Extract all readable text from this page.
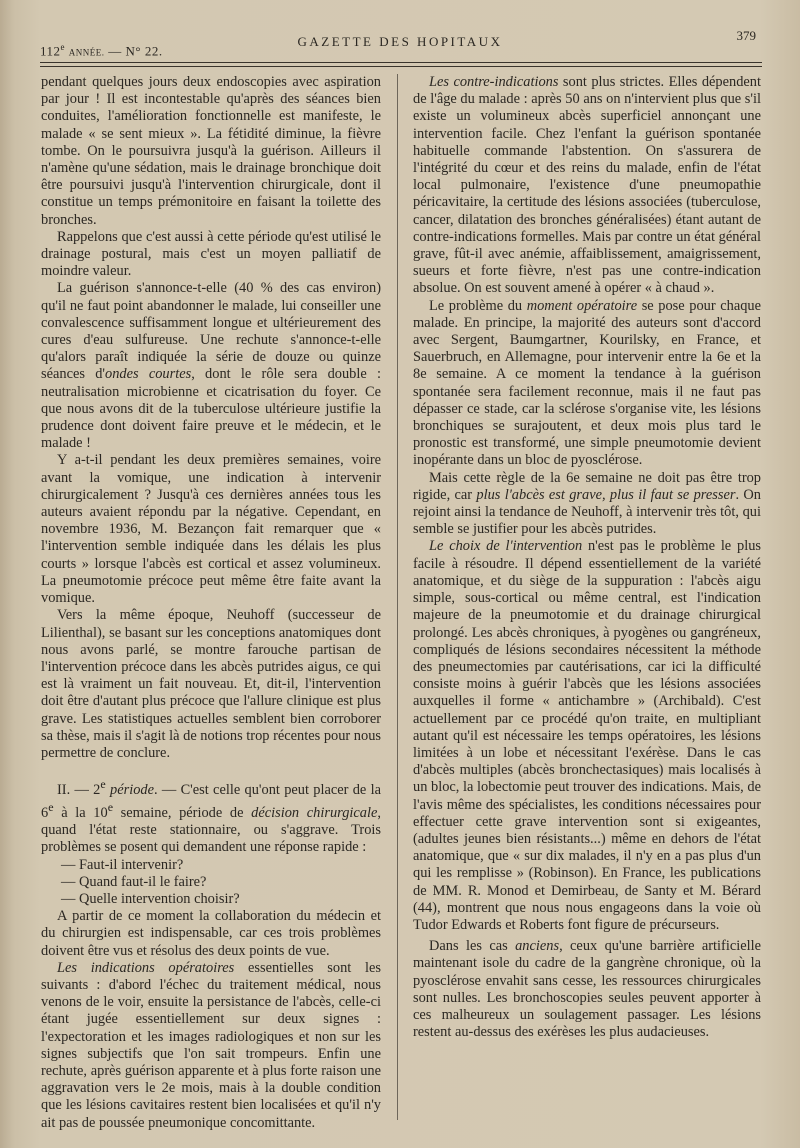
112e ANNÉE. — N° 22.
GAZETTE DES HOPITAUX	379

pendant quelques jours deux endoscopies avec aspiration par jour ! Il est incontestable qu'après des séances bien conduites, l'amélioration fonctionnelle est manifeste, le malade « se sent mieux ». La fétidité diminue, la fièvre tombe. On le poursuivra jusqu'à la guérison. Ailleurs il n'amène qu'une sédation, mais le drainage bronchique doit être poursuivi jusqu'à l'intervention chirurgicale, dont il constitue un temps prémonitoire en faisant la toilette des bronches.

Rappelons que c'est aussi à cette période qu'est utilisé le drainage postural, mais c'est un moyen palliatif de moindre valeur.

La guérison s'annonce-t-elle (40 % des cas environ) qu'il ne faut point abandonner le malade, lui conseiller une convalescence suffisamment longue et ultérieurement des cures d'eau sulfureuse. Une rechute s'annonce-t-elle qu'alors paraît indiquée la série de douze ou quinze séances d'ondes courtes, dont le rôle sera double : neutralisation microbienne et cicatrisation du foyer. Ce que nous avons dit de la tuberculose ultérieure justifie la prudence dont doivent faire preuve et le médecin, et le malade !

Y a-t-il pendant les deux premières semaines, voire avant la vomique, une indication à intervenir chirurgicalement ? Jusqu'à ces dernières années tous les auteurs avaient répondu par la négative. Cependant, en novembre 1936, M. Bezançon fait remarquer que « l'intervention semble indiquée dans les délais les plus courts » lorsque l'abcès est cortical et assez volumineux. La pneumotomie précoce peut même être faite avant la vomique.

Vers la même époque, Neuhoff (successeur de Lilienthal), se basant sur les conceptions anatomiques dont nous avons parlé, se montre farouche partisan de l'intervention précoce dans les abcès putrides aigus, ce qui est là vraiment un fait nouveau. Et, dit-il, l'intervention doit être d'autant plus précoce que l'allure clinique est plus grave. Les statistiques actuelles semblent bien corroborer sa thèse, mais il s'agit là de notions trop récentes pour nous permettre de conclure.

II. — 2e période. — C'est celle qu'ont peut placer de la 6e à la 10e semaine, période de décision chirurgicale, quand l'état reste stationnaire, ou s'aggrave. Trois problèmes se posent qui demandent une réponse rapide :

— Faut-il intervenir?

— Quand faut-il le faire?

— Quelle intervention choisir?

A partir de ce moment la collaboration du médecin et du chirurgien est indispensable, car ces trois problèmes doivent être vus et résolus des deux points de vue.

Les indications opératoires essentielles sont les suivants : d'abord l'échec du traitement médical, nous venons de le voir, ensuite la persistance de l'abcès, celle-ci étant jugée essentiellement sur deux signes : l'expectoration et les images radiologiques et non sur les signes subjectifs que l'on sait trompeurs. Enfin une rechute, après guérison apparente et à plus forte raison une aggravation vers le 2e mois, mais à la double condition que les lésions cavitaires restent bien localisées et qu'il n'y ait pas de poussée pneumonique concomittante.

Les contre-indications sont plus strictes. Elles dépendent de l'âge du malade : après 50 ans on n'intervient plus que s'il existe un volumineux abcès superficiel annonçant une intervention facile. Chez l'enfant la guérison spontanée habituelle commande l'abstention. On s'assurera de l'intégrité du cœur et des reins du malade, enfin de l'état local pulmonaire, l'existence d'une pneumopathie péricavitaire, la certitude des lésions associées (tuberculose, cancer, dilatation des bronches généralisées) étant autant de contre-indications formelles. Mais par contre un état général grave, fût-il avec anémie, affaiblissement, amaigrissement, sueurs et forte fièvre, n'est pas une contre-indication absolue. On est souvent amené à opérer « à chaud ».

Le problème du moment opératoire se pose pour chaque malade. En principe, la majorité des auteurs sont d'accord avec Sergent, Baumgartner, Kourilsky, en France, et Sauerbruch, en Allemagne, pour intervenir entre la 6e et la 8e semaine. A ce moment la tendance à la guérison spontanée sera facilement reconnue, mais il ne faut pas dépasser ce stade, car la sclérose s'organise vite, les lésions bronchiques se surajoutent, et deux mois plus tard le pronostic est transformé, une simple pneumotomie devient inopérante dans un bloc de pyosclérose.

Mais cette règle de la 6e semaine ne doit pas être trop rigide, car plus l'abcès est grave, plus il faut se presser. On rejoint ainsi la tendance de Neuhoff, à intervenir très tôt, qui semble se justifier pour les abcès putrides.

Le choix de l'intervention n'est pas le problème le plus facile à résoudre. Il dépend essentiellement de la variété anatomique, et du siège de la suppuration : l'abcès aigu simple, sous-cortical ou même central, est l'indication majeure de la pneumotomie et du drainage chirurgical prolongé. Les abcès chroniques, à pyogènes ou gangréneux, compliqués de lésions secondaires nécessitent la méthode des pneumectomies par cautérisations, car ici la difficulté consiste moins à guérir l'abcès que les lésions associées auxquelles il forme « antichambre » (Archibald). C'est actuellement par ce procédé qu'on traite, en multipliant autant qu'il est nécessaire les temps opératoires, les lésions limitées à un lobe et nécessitant l'exérèse. Dans le cas d'abcès multiples (abcès bronchectasiques) mais localisés à un bloc, la lobectomie peut trouver des indications. Mais, de l'avis même des spécialistes, les conditions nécessaires pour effectuer cette grave intervention sont si exigeantes, (adultes jeunes bien résistants...) même en dehors de l'état anatomique, que « sur dix malades, il n'y en a pas plus d'un qui les remplisse » (Robinson). En France, les publications de MM. R. Monod et Demirbeau, de Santy et M. Bérard (44), montrent que nous nous engageons dans la voie où Tudor Edwards et Roberts font figure de précurseurs.

Dans les cas anciens, ceux qu'une barrière artificielle maintenant isole du cadre de la gangrène chronique, où la pyosclérose envahit sans cesse, les ressources chirurgicales sont nulles. Les bronchoscopies seules peuvent apporter à ces malheureux un soulagement passager. Les lésions restent au-dessus des exérèses les plus audacieuses.
